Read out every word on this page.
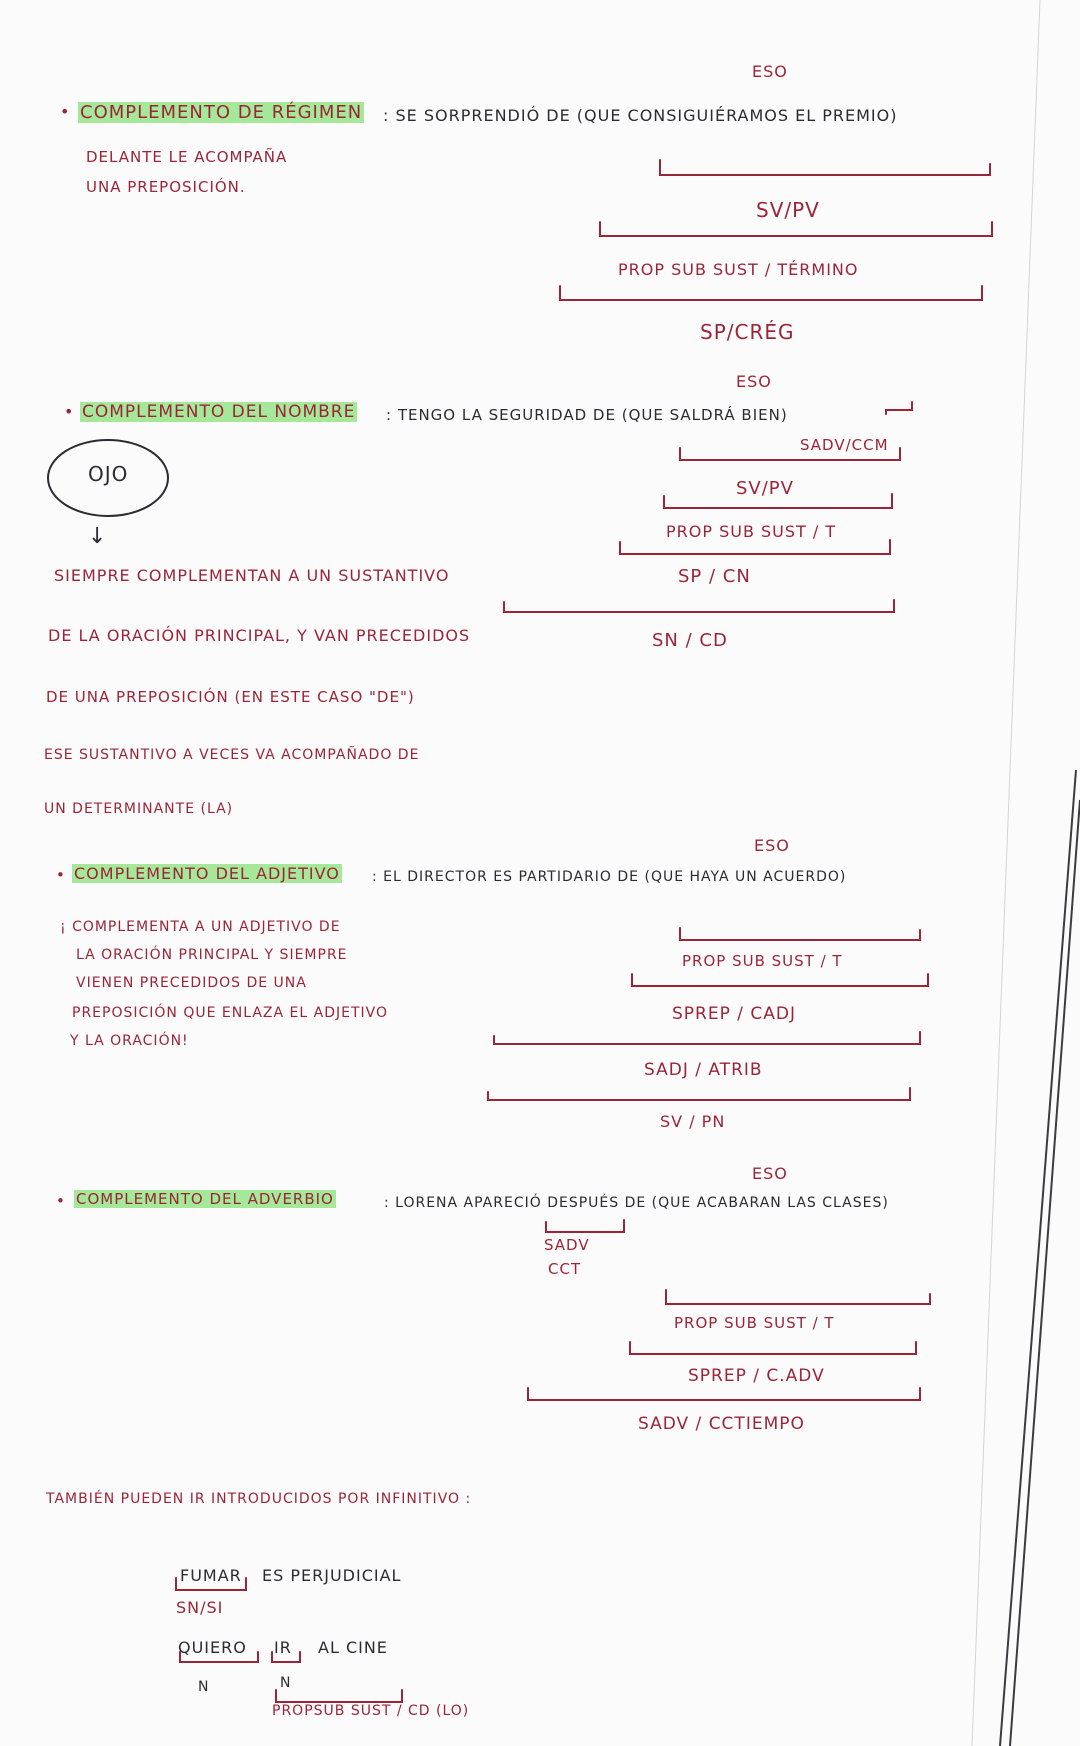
ESO
• COMPLEMENTO DE RÉGIMEN : SE SORPRENDIÓ DE (QUE CONSIGUIÉRAMOS EL PREMIO)
DELANTE LE ACOMPAÑA
UNA PREPOSICIÓN.
SV/PV
PROP SUB SUST / TÉRMINO
SP/CRÉG
ESO
• COMPLEMENTO DEL NOMBRE : TENGO LA SEGURIDAD DE (QUE SALDRÁ BIEN)
SADV/CCM
OJO
SV/PV
PROP SUB SUST / T
↓
SIEMPRE COMPLEMENTAN A UN SUSTANTIVO	SP / CN
DE LA ORACIÓN PRINCIPAL, Y VAN PRECEDIDOS	SN / CD
DE UNA PREPOSICIÓN (EN ESTE CASO "DE")
ESE SUSTANTIVO A VECES VA ACOMPAÑADO DE
UN DETERMINANTE (LA)
ESO
• COMPLEMENTO DEL ADJETIVO : EL DIRECTOR ES PARTIDARIO DE (QUE HAYA UN ACUERDO)
¡ COMPLEMENTA A UN ADJETIVO DE
LA ORACIÓN PRINCIPAL Y SIEMPRE
VIENEN PRECEDIDOS DE UNA
PREPOSICIÓN QUE ENLAZA EL ADJETIVO
Y LA ORACIÓN!
PROP SUB SUST / T
SPREP / CADJ
SADJ / ATRIB
SV / PN
ESO
• COMPLEMENTO DEL ADVERBIO	: LORENA APARECIÓ DESPUÉS DE (QUE ACABARAN LAS CLASES)
SADV
CCT
PROP SUB SUST / T
SPREP / C.ADV
SADV / CCTIEMPO
TAMBIÉN PUEDEN IR INTRODUCIDOS POR INFINITIVO :
FUMAR ES PERJUDICIAL
SN/SI
QUIERO IR AL CINE
N	N
PROPSUB SUST / CD (LO)
